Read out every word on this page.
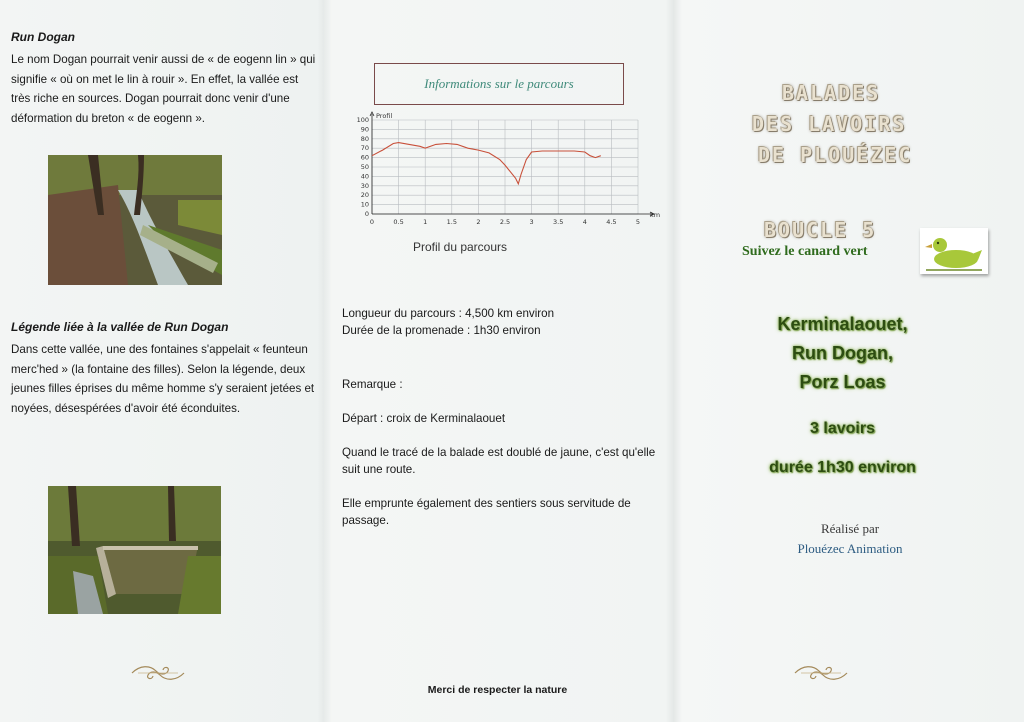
Run Dogan
Le nom Dogan pourrait venir aussi de « de eogenn lin » qui signifie « où on met le lin à rouir ». En effet, la vallée est très riche en sources. Dogan pourrait donc venir d'une déformation du breton « de eogenn ».
Légende liée à la vallée de Run Dogan
Dans cette vallée, une des fontaines s'appelait « feunteun merc'hed » (la fontaine des filles). Selon la légende, deux jeunes filles éprises du même homme s'y seraient jetées et noyées, désespérées d'avoir été éconduites.
Informations sur le parcours
0
10
20
30
40
50
60
70
80
90
100
0	0.5	1	1.5	2	2.5	3	3.5	4	4.5	5
Profil
km
Profil du parcours

Longueur du parcours : 4,500 km environ

Durée de la promenade : 1h30 environ

Remarque :

Départ : croix de Kerminalaouet

Quand le tracé de la balade est doublé de jaune, c'est qu'elle suit une route.

Elle emprunte également des sentiers sous servitude de passage.

Merci de respecter la nature
BALADES
DES LAVOIRS
DE PLOUÉZEC
BOUCLE 5
Suivez le canard vert
Kerminalaouet,
Run Dogan,
Porz Loas
3 lavoirs
durée 1h30 environ
Réalisé par
Plouézec Animation
